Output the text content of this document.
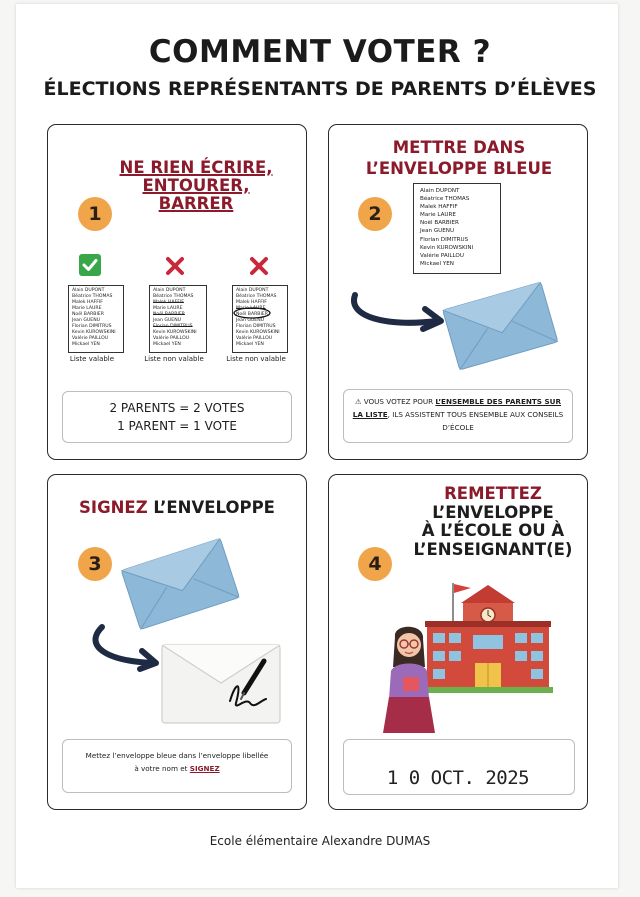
COMMENT VOTER ?
ÉLECTIONS REPRÉSENTANTS DE PARENTS D’ÉLÈVES
NE RIEN ÉCRIRE,
ENTOURER,
BARRER
1
Alain DUPONT
Béatrice THOMAS
Malek HAFFIF
Marie LAURE
Noël BARBIER
Jean GUENU
Florian DIMITRUS
Kevin KUROWSKINI
Valérie PAILLOU
Mickael YEN
Liste valable
Alain DUPONT
Béatrice THOMAS
Malek HAFFIF
Marie LAURE
Noël BARBIER
Jean GUENU
Florian DIMITRUS
Kevin KUROWSKINI
Valérie PAILLOU
Mickael YEN
Liste non valable
Alain DUPONT
Béatrice THOMAS
Malek HAFFIF
Marie LAURE
Noël BARBIER
Jean GUENU
Florian DIMITRUS
Kevin KUROWSKINI
Valérie PAILLOU
Mickael YEN
Liste non valable
2 PARENTS = 2 VOTES
1 PARENT = 1 VOTE
METTRE DANS
L’ENVELOPPE BLEUE
2
Alain DUPONT
Béatrice THOMAS
Malek HAFFIF
Marie LAURE
Noël BARBIER
Jean GUENU
Florian DIMITRUS
Kevin KUROWSKINI
Valérie PAILLOU
Mickael YEN
⚠ VOUS VOTEZ POUR L’ENSEMBLE DES PARENTS SUR LA LISTE, ILS ASSISTENT TOUS ENSEMBLE AUX CONSEILS D’ÉCOLE
SIGNEZ L’ENVELOPPE
3
Mettez l’enveloppe bleue dans l’enveloppe libellée
à votre nom et SIGNEZ
REMETTEZ
L’ENVELOPPE
À L’ÉCOLE OU À
L’ENSEIGNANT(E)
4
1 0 OCT. 2025
Ecole élémentaire Alexandre DUMAS
